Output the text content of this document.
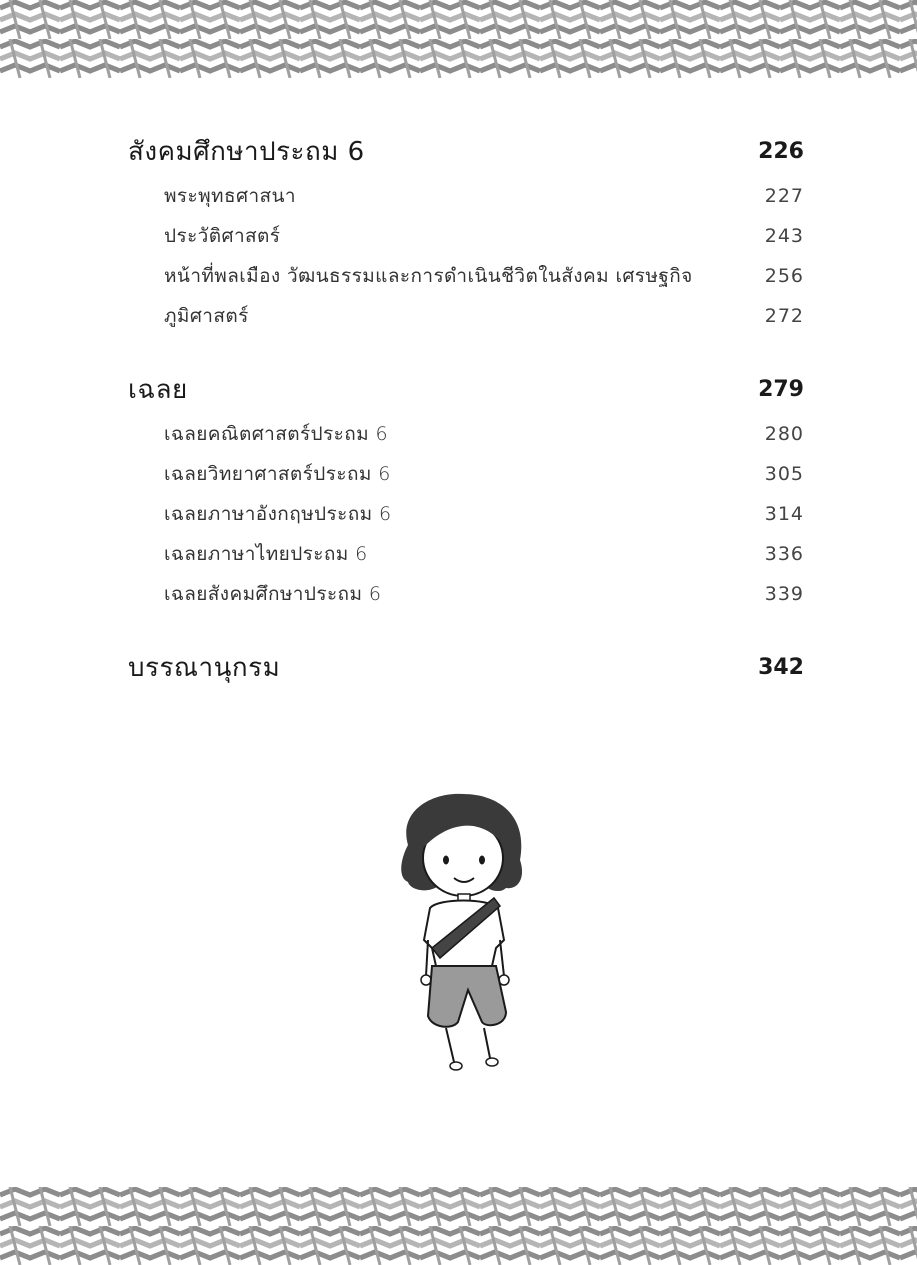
สังคมศึกษาประถม 6	226
พระพุทธศาสนา	227
ประวัติศาสตร์	243
หน้าที่พลเมือง วัฒนธรรมและการดำเนินชีวิตในสังคม เศรษฐกิจ	256
ภูมิศาสตร์	272
เฉลย	279
เฉลยคณิตศาสตร์ประถม 6	280
เฉลยวิทยาศาสตร์ประถม 6	305
เฉลยภาษาอังกฤษประถม 6	314
เฉลยภาษาไทยประถม 6	336
เฉลยสังคมศึกษาประถม 6	339
บรรณานุกรม	342
